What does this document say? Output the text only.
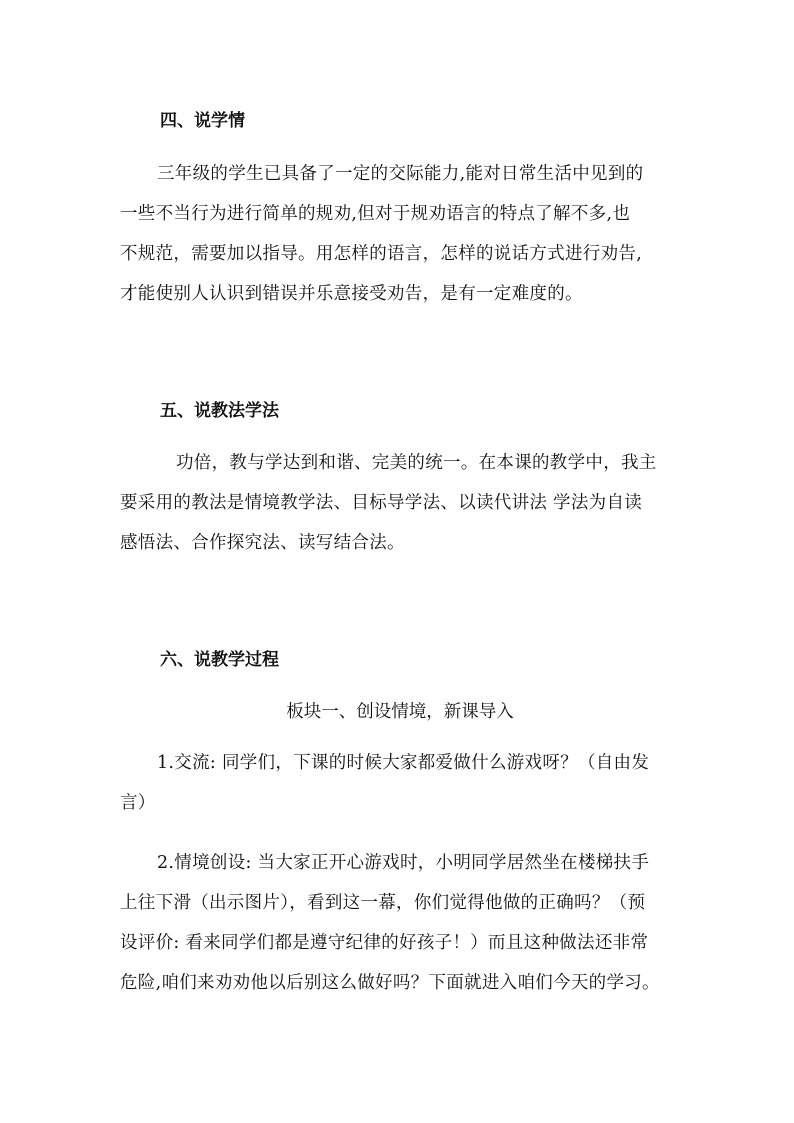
四、说学情
三年级的学生已具备了一定的交际能力,能对日常生活中见到的
一些不当行为进行简单的规劝,但对于规劝语言的特点了解不多,也
不规范，需要加以指导。用怎样的语言，怎样的说话方式进行劝告,
才能使别人认识到错误并乐意接受劝告，是有一定难度的。
五、说教法学法
功倍，教与学达到和谐、完美的统一。在本课的教学中，我主
要采用的教法是情境教学法、目标导学法、以读代讲法 学法为自读
感悟法、合作探究法、读写结合法。
六、说教学过程
板块一、创设情境，新课导入
1.交流: 同学们，下课的时候大家都爱做什么游戏呀？（自由发
言）
2.情境创设: 当大家正开心游戏时，小明同学居然坐在楼梯扶手
上往下滑（出示图片），看到这一幕，你们觉得他做的正确吗？（预
设评价: 看来同学们都是遵守纪律的好孩子！）而且这种做法还非常
危险,咱们来劝劝他以后别这么做好吗？下面就进入咱们今天的学习。
